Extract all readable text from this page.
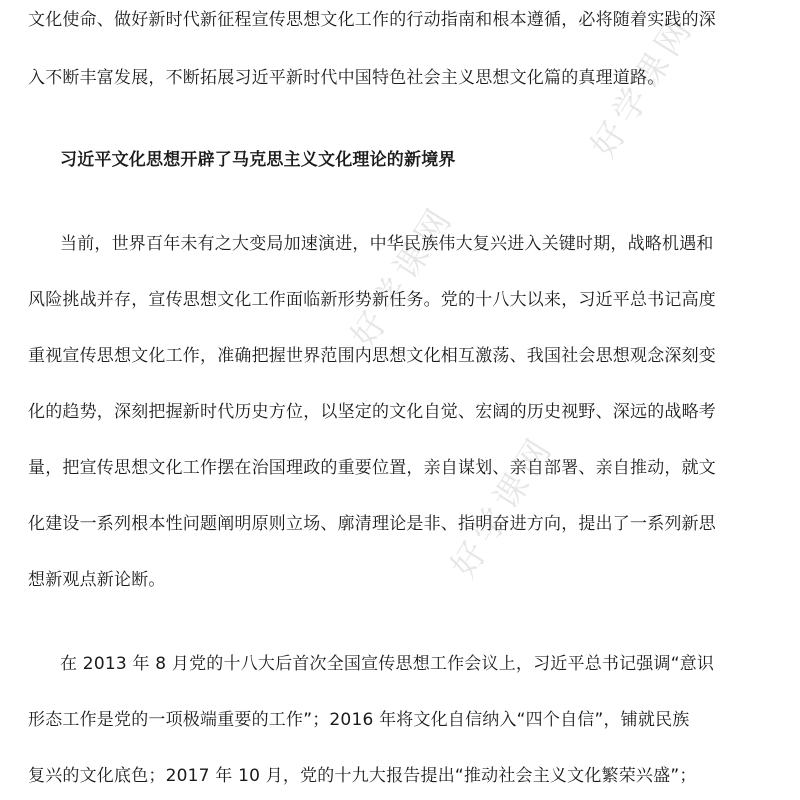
好学课网
好学课网
好学课网
文化使命、做好新时代新征程宣传思想文化工作的行动指南和根本遵循，必将随着实践的深
入不断丰富发展，不断拓展习近平新时代中国特色社会主义思想文化篇的真理道路。
习近平文化思想开辟了马克思主义文化理论的新境界
当前，世界百年未有之大变局加速演进，中华民族伟大复兴进入关键时期，战略机遇和
风险挑战并存，宣传思想文化工作面临新形势新任务。党的十八大以来，习近平总书记高度
重视宣传思想文化工作，准确把握世界范围内思想文化相互激荡、我国社会思想观念深刻变
化的趋势，深刻把握新时代历史方位，以坚定的文化自觉、宏阔的历史视野、深远的战略考
量，把宣传思想文化工作摆在治国理政的重要位置，亲自谋划、亲自部署、亲自推动，就文
化建设一系列根本性问题阐明原则立场、廓清理论是非、指明奋进方向，提出了一系列新思
想新观点新论断。
在 2013 年 8 月党的十八大后首次全国宣传思想工作会议上，习近平总书记强调“意识
形态工作是党的一项极端重要的工作”；2016 年将文化自信纳入“四个自信”，铺就民族
复兴的文化底色；2017 年 10 月，党的十九大报告提出“推动社会主义文化繁荣兴盛”；
